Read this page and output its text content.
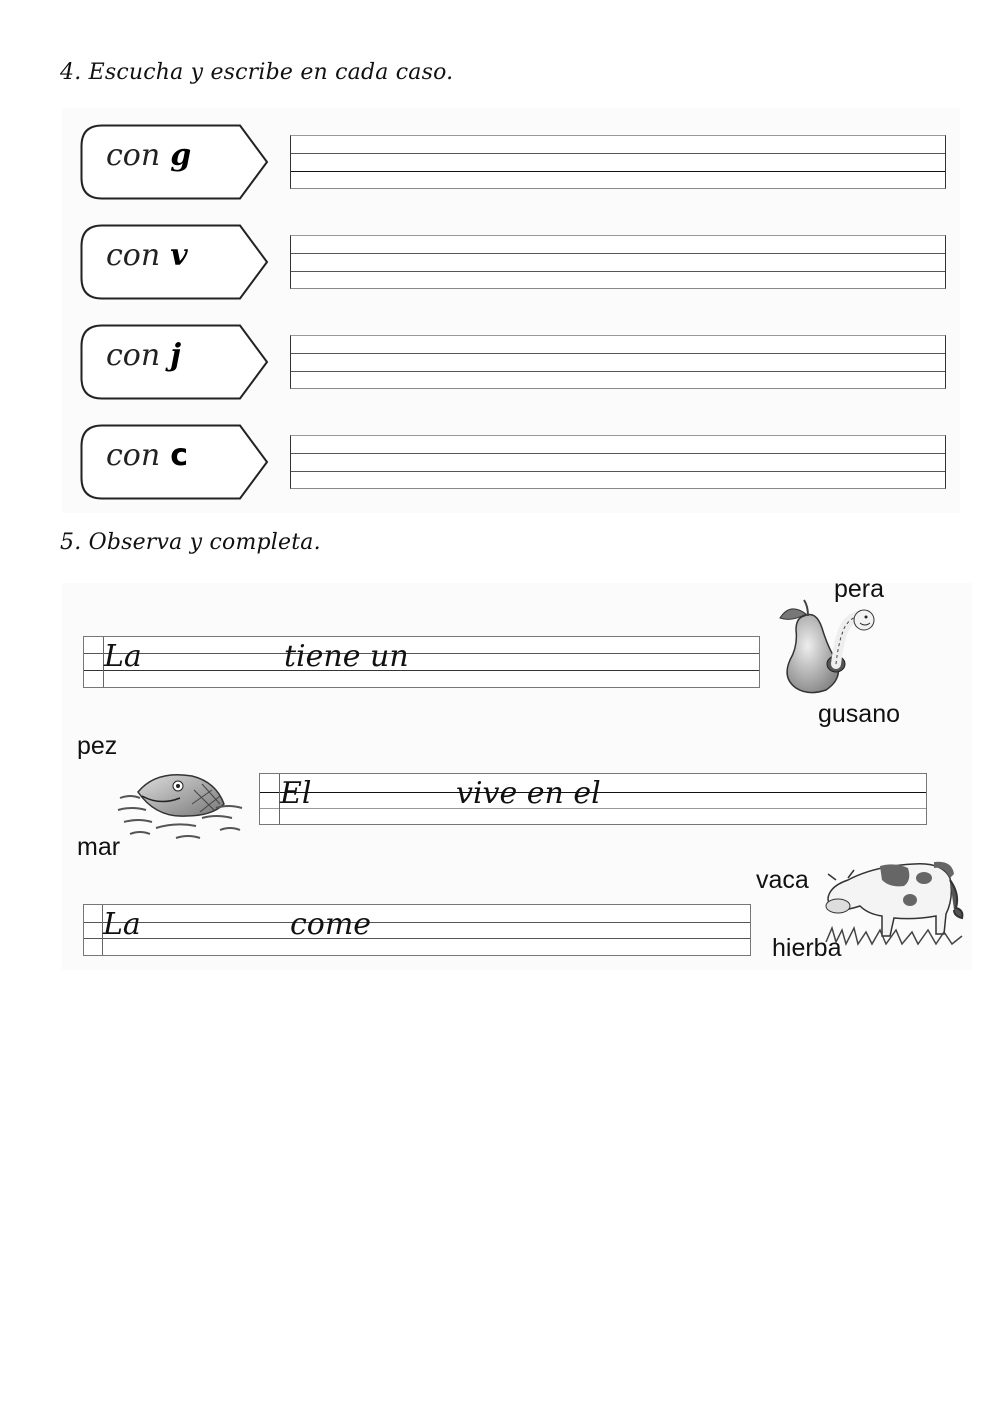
4. Escucha y escribe en cada caso.
con g
con v
con j
con c
5. Observa y completa.
La	tiene un
pera
gusano
pez
mar
El	vive en el
La	come
vaca
hierba
